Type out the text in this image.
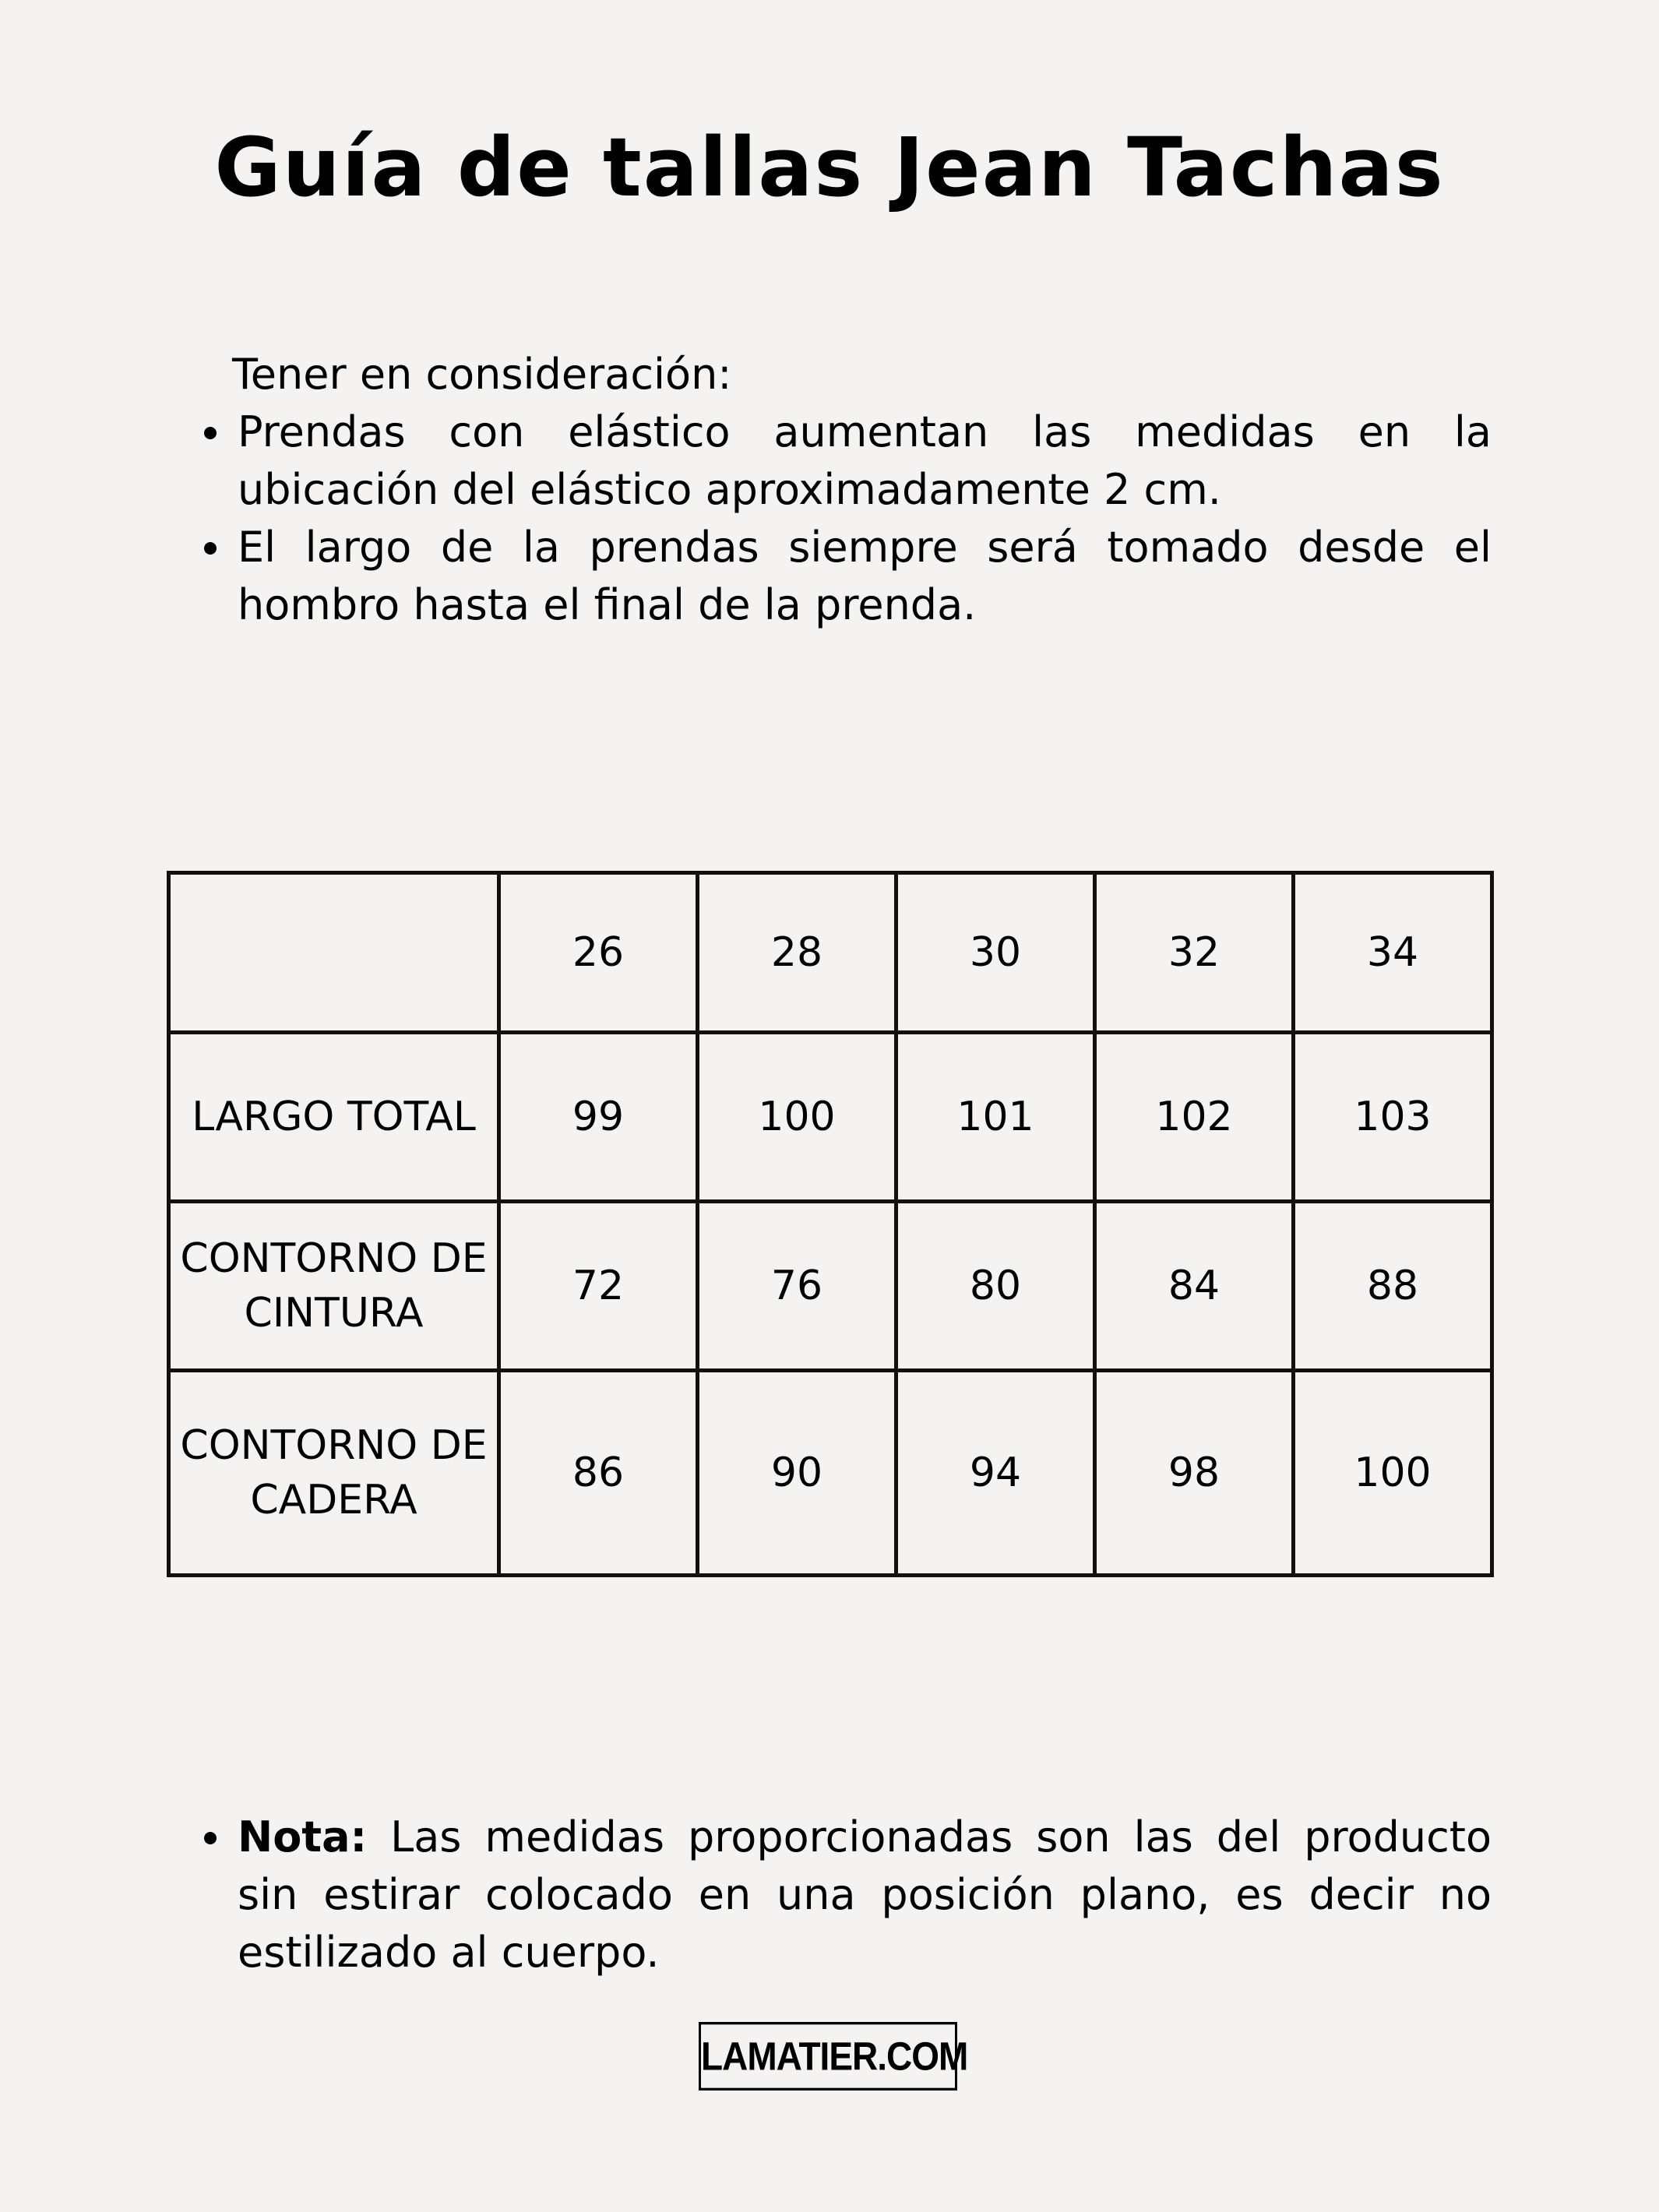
Guía de tallas Jean Tachas

Tener en consideración:

Prendas con elástico aumentan las medidas en la ubicación del elástico aproximadamente 2 cm.
El largo de la prendas siempre será tomado desde el hombro hasta el final de la prenda.
	26	28	30	32	34
LARGO TOTAL	99	100	101	102	103
CONTORNO DE CINTURA	72	76	80	84	88
CONTORNO DE CADERA	86	90	94	98	100
Nota: Las medidas proporcionadas son las del producto sin estirar colocado en una posición plano, es decir no estilizado al cuerpo.
LAMATIER.COM
